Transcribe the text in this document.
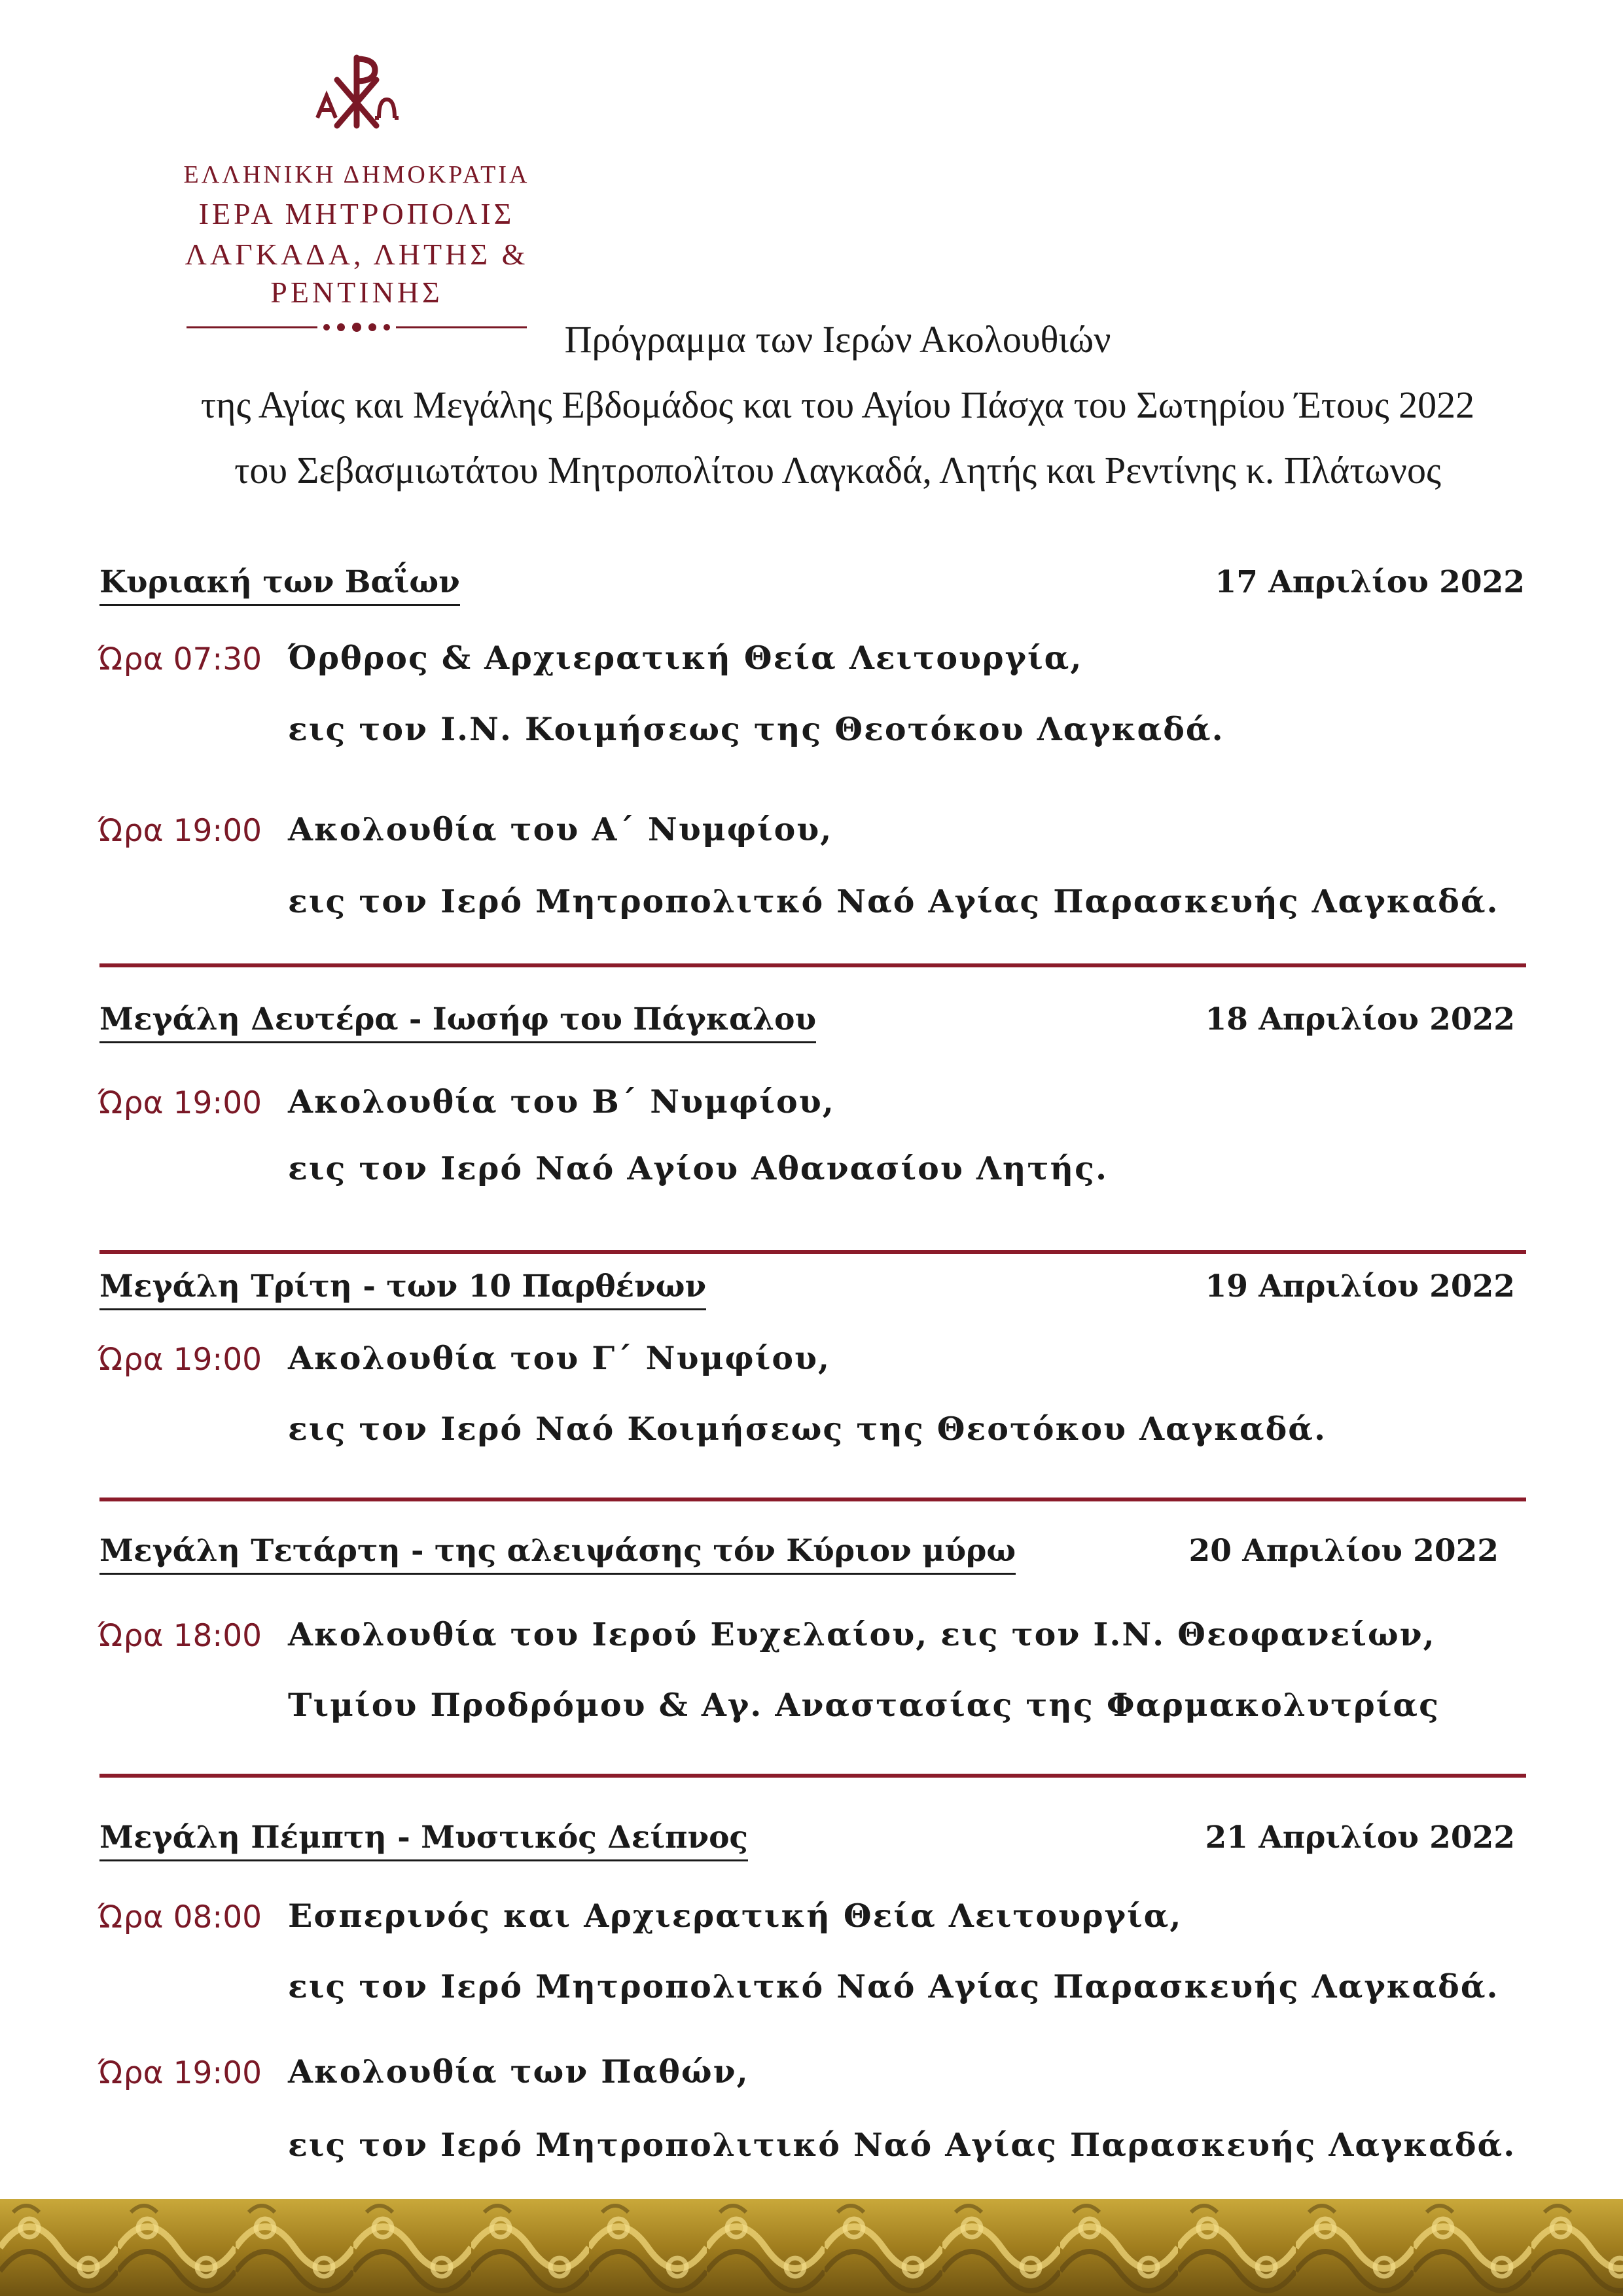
ΕΛΛΗΝΙΚΗ ΔΗΜΟΚΡΑΤΙΑ
ΙΕΡΑ ΜΗΤΡΟΠΟΛΙΣ
ΛΑΓΚΑΔΑ, ΛΗΤΗΣ & ΡΕΝΤΙΝΗΣ
Πρόγραμμα των Ιερών Ακολουθιών
της Αγίας και Μεγάλης Εβδομάδος και του Αγίου Πάσχα του Σωτηρίου Έτους 2022
του Σεβασμιωτάτου Μητροπολίτου Λαγκαδά, Λητής και Ρεντίνης κ. Πλάτωνος
Κυριακή των Βαΐων	17 Απριλίου 2022
Ώρα 07:30 Όρθρος & Αρχιερατική Θεία Λειτουργία,
εις τον Ι.Ν. Κοιμήσεως της Θεοτόκου Λαγκαδά.
Ώρα 19:00 Ακολουθία του Α΄ Νυμφίου,
εις τον Ιερό Μητροπολιτκό Ναό Αγίας Παρασκευής Λαγκαδά.
Μεγάλη Δευτέρα - Ιωσήφ του Πάγκαλου	18 Απριλίου 2022
Ώρα 19:00 Ακολουθία του Β΄ Νυμφίου,
εις τον Ιερό Ναό Αγίου Αθανασίου Λητής.
Μεγάλη Τρίτη - των 10 Παρθένων	19 Απριλίου 2022
Ώρα 19:00 Ακολουθία του Γ΄ Νυμφίου,
εις τον Ιερό Ναό Κοιμήσεως της Θεοτόκου Λαγκαδά.
Μεγάλη Τετάρτη - της αλειψάσης τόν Κύριον μύρω	20 Απριλίου 2022
Ώρα 18:00 Ακολουθία του Ιερού Ευχελαίου, εις τον Ι.Ν. Θεοφανείων,
Τιμίου Προδρόμου & Αγ. Αναστασίας της Φαρμακολυτρίας
Μεγάλη Πέμπτη - Μυστικός Δείπνος	21 Απριλίου 2022
Ώρα 08:00 Εσπερινός και Αρχιερατική Θεία Λειτουργία,
εις τον Ιερό Μητροπολιτκό Ναό Αγίας Παρασκευής Λαγκαδά.
Ώρα 19:00 Ακολουθία των Παθών,
εις τον Ιερό Μητροπολιτικό Ναό Αγίας Παρασκευής Λαγκαδά.
